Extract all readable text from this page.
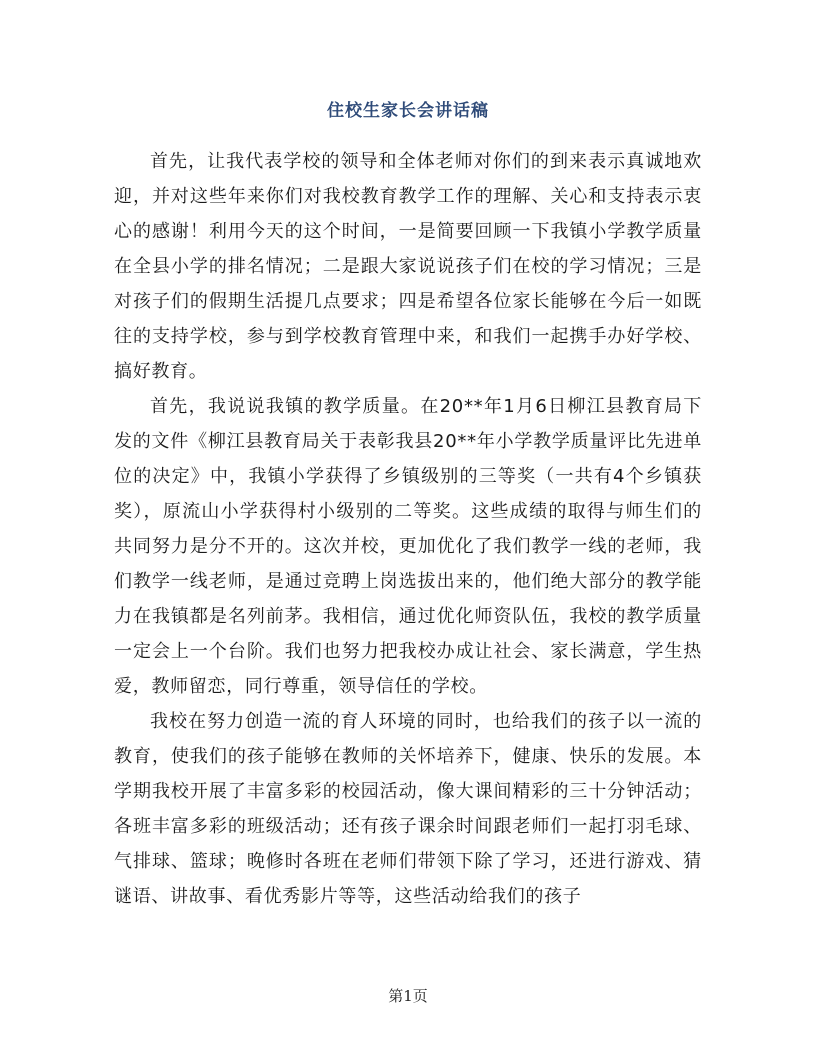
住校生家长会讲话稿

首先，让我代表学校的领导和全体老师对你们的到来表示真诚地欢迎，并对这些年来你们对我校教育教学工作的理解、关心和支持表示衷心的感谢！利用今天的这个时间，一是简要回顾一下我镇小学教学质量在全县小学的排名情况；二是跟大家说说孩子们在校的学习情况；三是对孩子们的假期生活提几点要求；四是希望各位家长能够在今后一如既往的支持学校，参与到学校教育管理中来，和我们一起携手办好学校、搞好教育。

首先，我说说我镇的教学质量。在20**年1月6日柳江县教育局下发的文件《柳江县教育局关于表彰我县20**年小学教学质量评比先进单位的决定》中，我镇小学获得了乡镇级别的三等奖（一共有4个乡镇获奖），原流山小学获得村小级别的二等奖。这些成绩的取得与师生们的共同努力是分不开的。这次并校，更加优化了我们教学一线的老师，我们教学一线老师，是通过竞聘上岗选拔出来的，他们绝大部分的教学能力在我镇都是名列前茅。我相信，通过优化师资队伍，我校的教学质量一定会上一个台阶。我们也努力把我校办成让社会、家长满意，学生热爱，教师留恋，同行尊重，领导信任的学校。

我校在努力创造一流的育人环境的同时，也给我们的孩子以一流的教育，使我们的孩子能够在教师的关怀培养下，健康、快乐的发展。本学期我校开展了丰富多彩的校园活动，像大课间精彩的三十分钟活动；各班丰富多彩的班级活动；还有孩子课余时间跟老师们一起打羽毛球、气排球、篮球；晚修时各班在老师们带领下除了学习，还进行游戏、猜谜语、讲故事、看优秀影片等等，这些活动给我们的孩子

第1页
